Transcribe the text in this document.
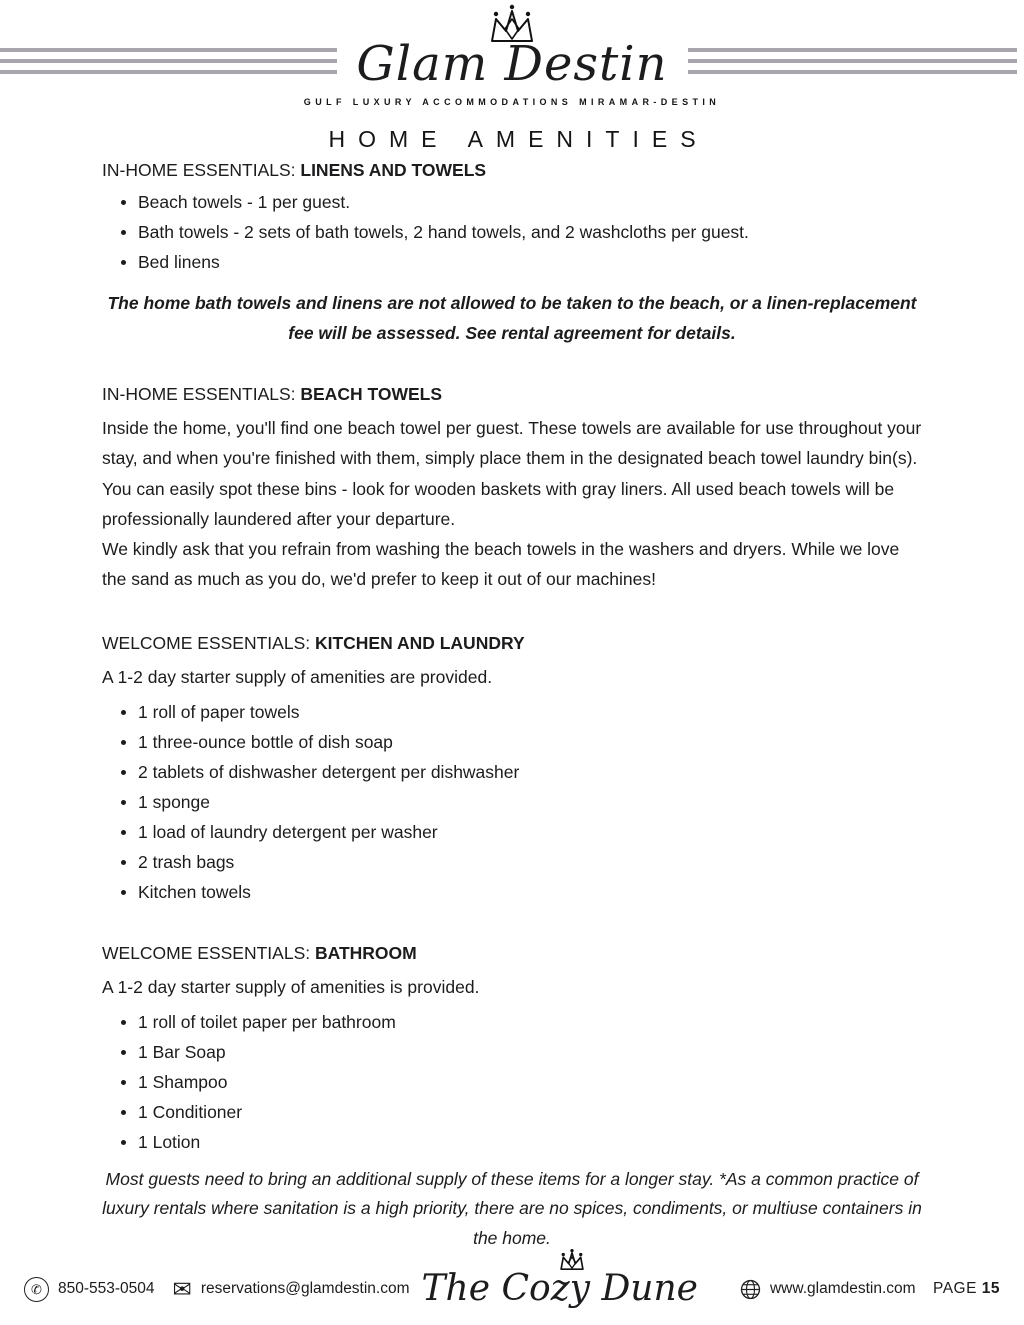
Glam Destin
GULF LUXURY ACCOMMODATIONS MIRAMAR-DESTIN
HOME AMENITIES
IN-HOME ESSENTIALS: LINENS AND TOWELS
Beach towels - 1 per guest.
Bath towels - 2 sets of bath towels, 2 hand towels, and 2 washcloths per guest.
Bed linens
The home bath towels and linens are not allowed to be taken to the beach, or a linen-replacement fee will be assessed. See rental agreement for details.
IN-HOME ESSENTIALS: BEACH TOWELS

Inside the home, you'll find one beach towel per guest. These towels are available for use throughout your stay, and when you're finished with them, simply place them in the designated beach towel laundry bin(s). You can easily spot these bins - look for wooden baskets with gray liners. All used beach towels will be professionally laundered after your departure.

We kindly ask that you refrain from washing the beach towels in the washers and dryers. While we love the sand as much as you do, we'd prefer to keep it out of our machines!

WELCOME ESSENTIALS: KITCHEN AND LAUNDRY

A 1-2 day starter supply of amenities are provided.

1 roll of paper towels
1 three-ounce bottle of dish soap
2 tablets of dishwasher detergent per dishwasher
1 sponge
1 load of laundry detergent per washer
2 trash bags
Kitchen towels
WELCOME ESSENTIALS: BATHROOM

A 1-2 day starter supply of amenities is provided.

1 roll of toilet paper per bathroom
1 Bar Soap
1 Shampoo
1 Conditioner
1 Lotion
Most guests need to bring an additional supply of these items for a longer stay. *As a common practice of luxury rentals where sanitation is a high priority, there are no spices, condiments, or multiuse containers in the home.
✆	850-553-0504 ✉ reservations@glamdestin.com The Cozy Dune	www.glamdestin.com PAGE 15
